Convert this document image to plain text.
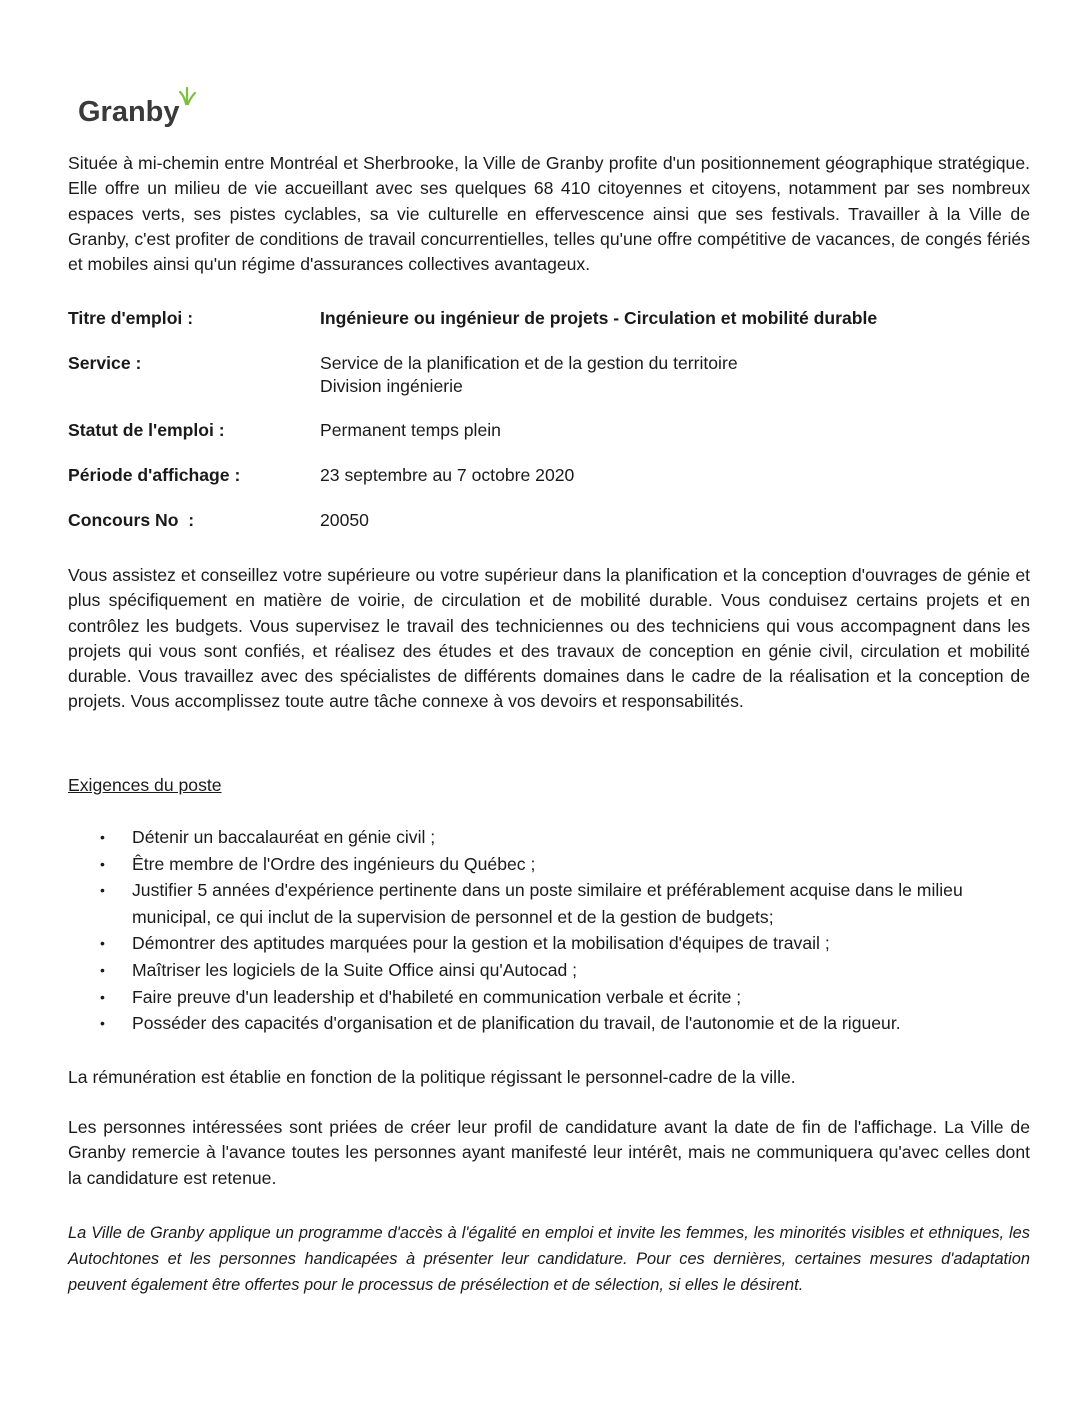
Granby

Située à mi-chemin entre Montréal et Sherbrooke, la Ville de Granby profite d'un positionnement géographique stratégique. Elle offre un milieu de vie accueillant avec ses quelques 68 410 citoyennes et citoyens, notamment par ses nombreux espaces verts, ses pistes cyclables, sa vie culturelle en effervescence ainsi que ses festivals. Travailler à la Ville de Granby, c'est profiter de conditions de travail concurrentielles, telles qu'une offre compétitive de vacances, de congés fériés et mobiles ainsi qu'un régime d'assurances collectives avantageux.

Titre d'emploi :	Ingénieure ou ingénieur de projets - Circulation et mobilité durable
Service :	Service de la planification et de la gestion du territoire
Division ingénierie
Statut de l'emploi :	Permanent temps plein
Période d'affichage :	23 septembre au 7 octobre 2020
Concours No  :	20050

Vous assistez et conseillez votre supérieure ou votre supérieur dans la planification et la conception d'ouvrages de génie et plus spécifiquement en matière de voirie, de circulation et de mobilité durable. Vous conduisez certains projets et en contrôlez les budgets. Vous supervisez le travail des techniciennes ou des techniciens qui vous accompagnent dans les projets qui vous sont confiés, et réalisez des études et des travaux de conception en génie civil, circulation et mobilité durable. Vous travaillez avec des spécialistes de différents domaines dans le cadre de la réalisation et la conception de projets. Vous accomplissez toute autre tâche connexe à vos devoirs et responsabilités.

Exigences du poste
• Détenir un baccalauréat en génie civil ;
• Être membre de l'Ordre des ingénieurs du Québec ;
• Justifier 5 années d'expérience pertinente dans un poste similaire et préférablement acquise dans le milieu municipal, ce qui inclut de la supervision de personnel et de la gestion de budgets;
• Démontrer des aptitudes marquées pour la gestion et la mobilisation d'équipes de travail ;
• Maîtriser les logiciels de la Suite Office ainsi qu'Autocad ;
• Faire preuve d'un leadership et d'habileté en communication verbale et écrite ;
• Posséder des capacités d'organisation et de planification du travail, de l'autonomie et de la rigueur.

La rémunération est établie en fonction de la politique régissant le personnel-cadre de la ville.

Les personnes intéressées sont priées de créer leur profil de candidature avant la date de fin de l'affichage. La Ville de Granby remercie à l'avance toutes les personnes ayant manifesté leur intérêt, mais ne communiquera qu'avec celles dont la candidature est retenue.

La Ville de Granby applique un programme d'accès à l'égalité en emploi et invite les femmes, les minorités visibles et ethniques, les Autochtones et les personnes handicapées à présenter leur candidature. Pour ces dernières, certaines mesures d'adaptation peuvent également être offertes pour le processus de présélection et de sélection, si elles le désirent.
